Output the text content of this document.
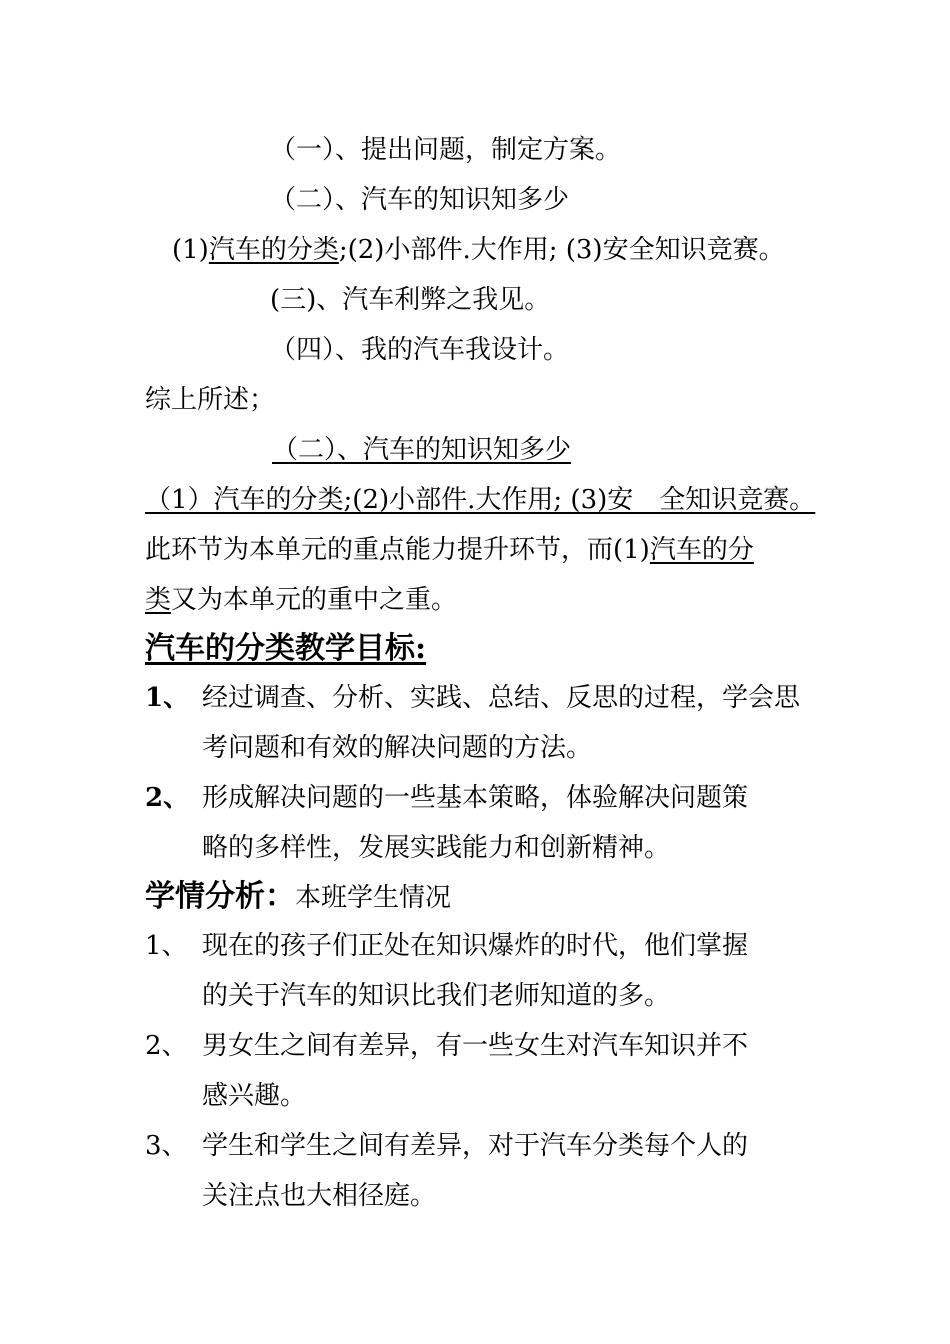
（一）、提出问题，制定方案。
（二）、汽车的知识知多少
(1)汽车的分类;(2)小部件.大作用; (3)安全知识竞赛。
(三)、汽车利弊之我见。
（四）、我的汽车我设计。
综上所述；
（二）、汽车的知识知多少
（1）汽车的分类;(2)小部件.大作用; (3)安　全知识竞赛。
此环节为本单元的重点能力提升环节，而(1)汽车的分
类又为本单元的重中之重。
汽车的分类教学目标:
1、 经过调查、分析、实践、总结、反思的过程，学会思
考问题和有效的解决问题的方法。
2、 形成解决问题的一些基本策略，体验解决问题策
略的多样性，发展实践能力和创新精神。
学情分析：本班学生情况
1、 现在的孩子们正处在知识爆炸的时代，他们掌握
的关于汽车的知识比我们老师知道的多。
2、 男女生之间有差异，有一些女生对汽车知识并不
感兴趣。
3、 学生和学生之间有差异，对于汽车分类每个人的
关注点也大相径庭。
